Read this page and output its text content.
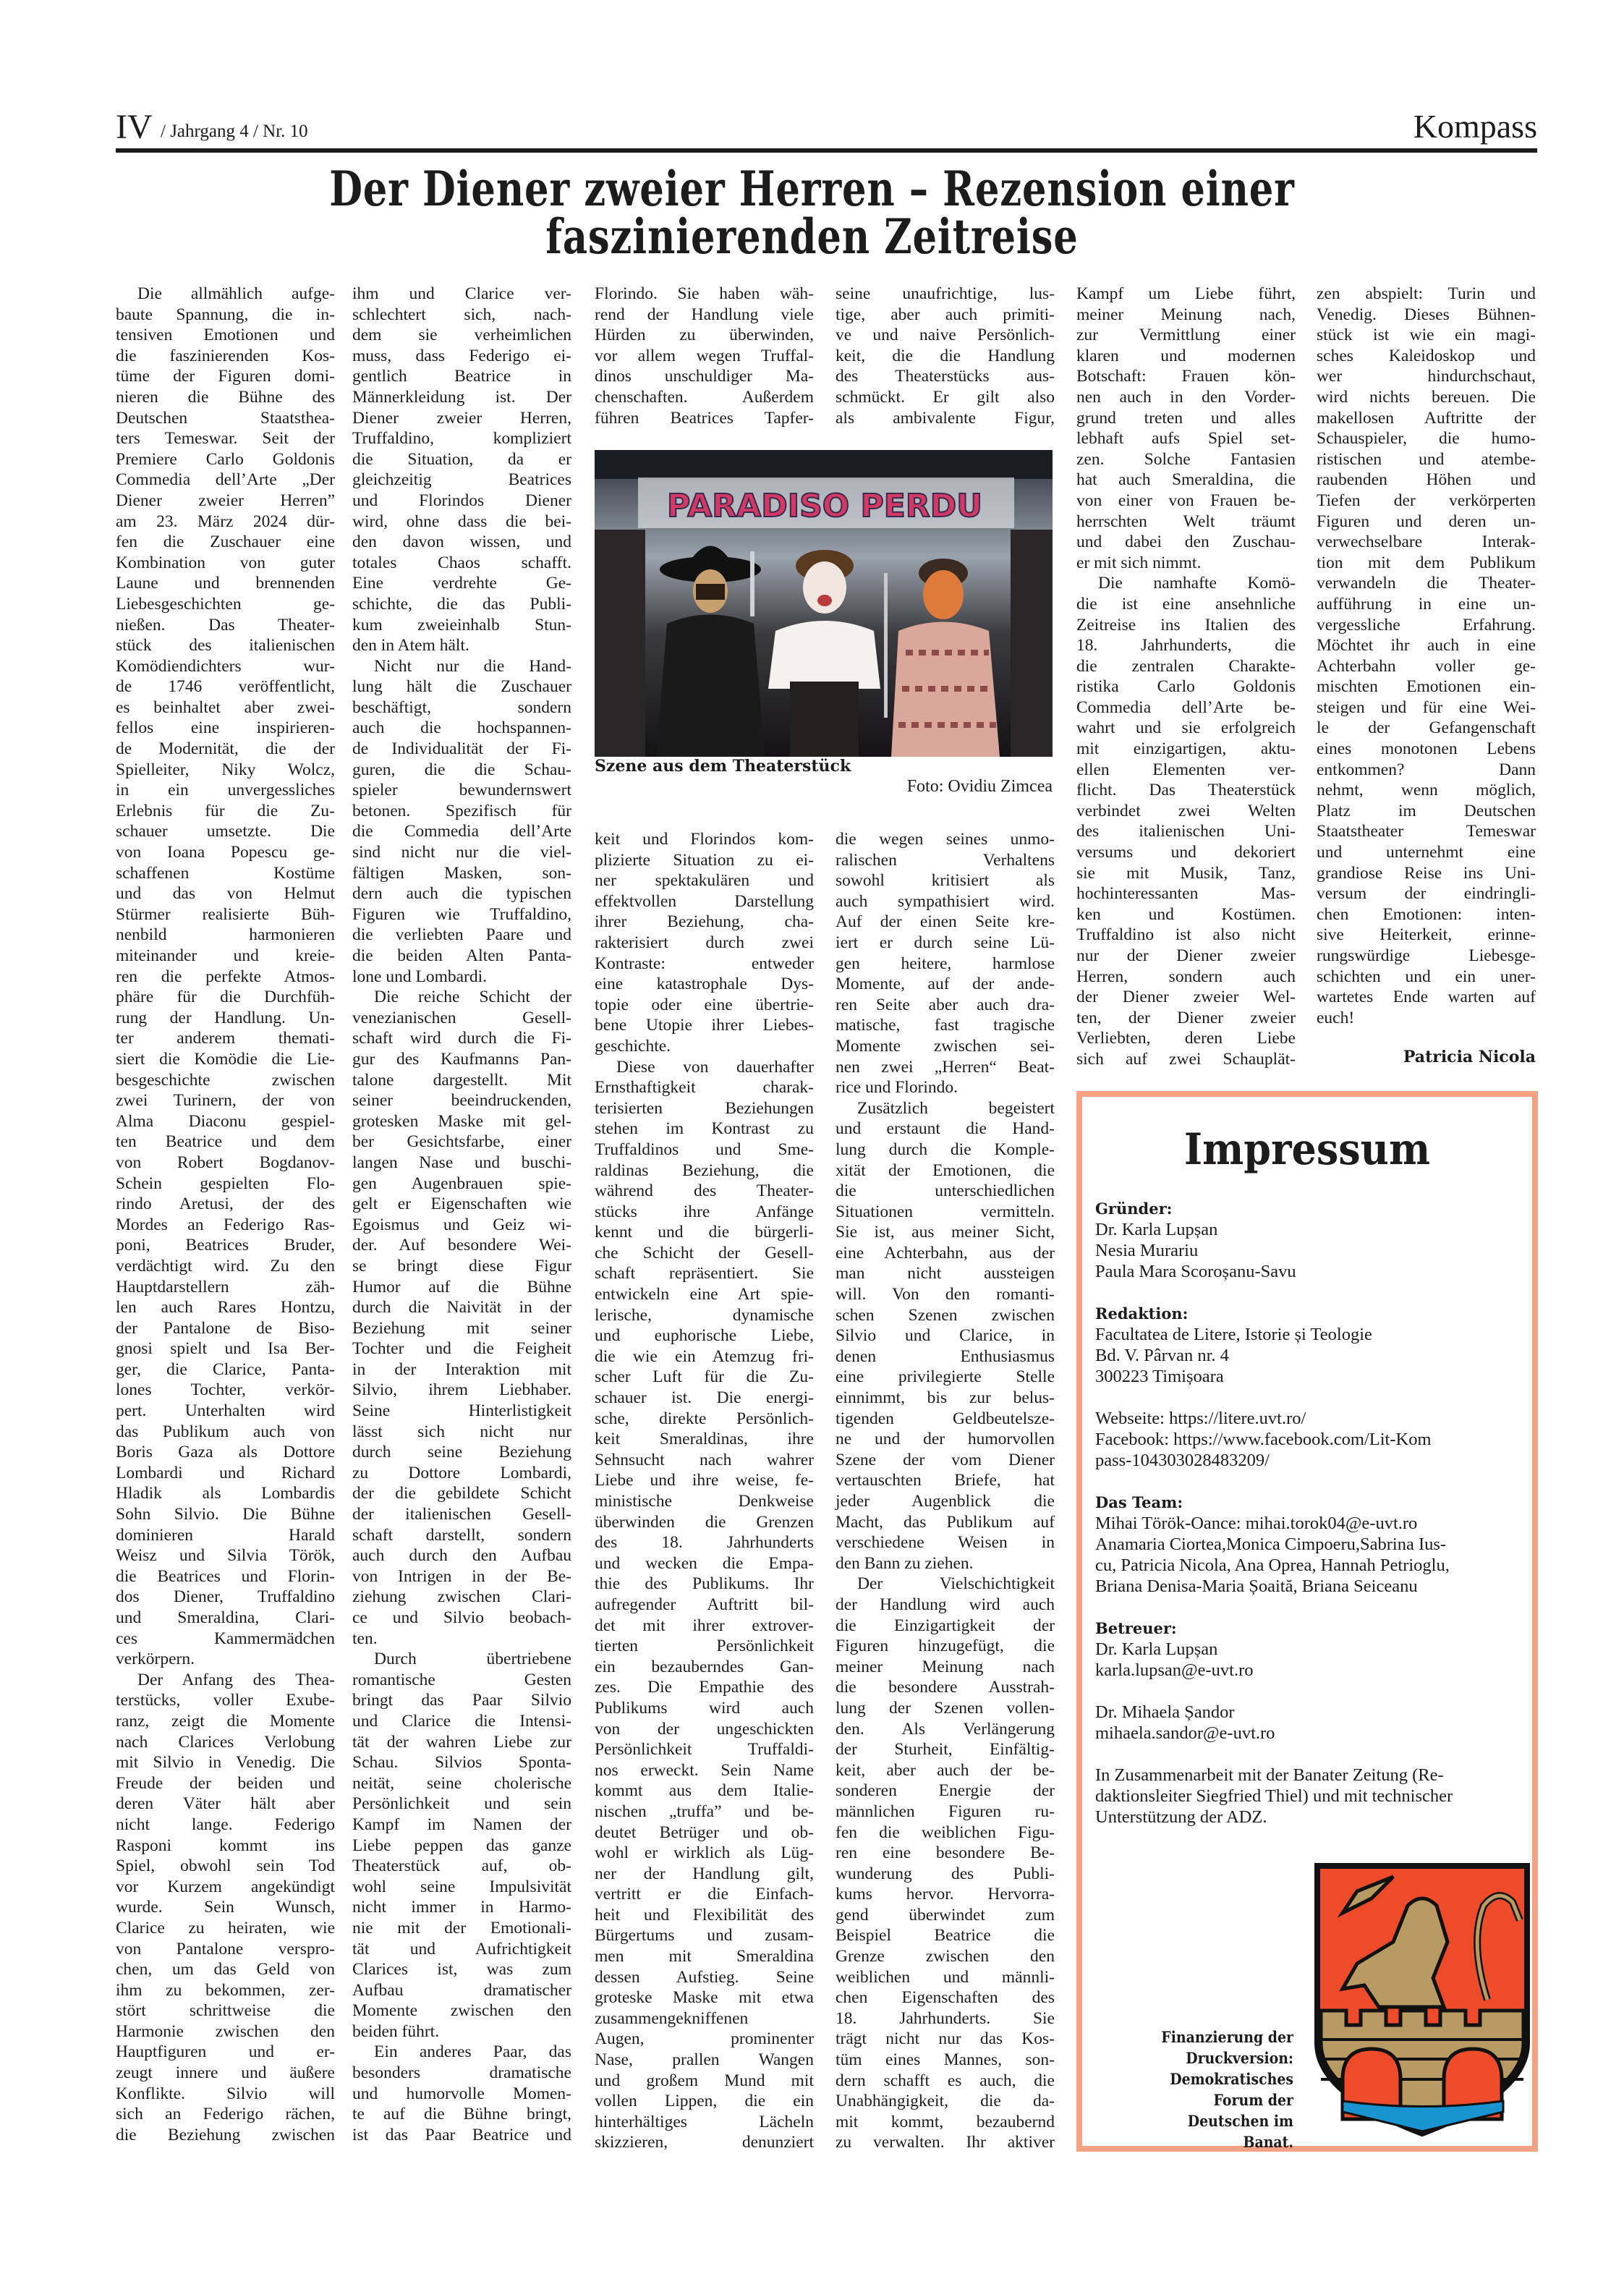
IV / Jahrgang 4 / Nr. 10	Kompass
Der Diener zweier Herren – Rezension einer
faszinierenden Zeitreise
Die allmählich aufge-
baute Spannung, die in-
tensiven Emotionen und
die faszinierenden Kos-
tüme der Figuren domi-
nieren die Bühne des
Deutschen Staatsthea-
ters Temeswar. Seit der
Premiere Carlo Goldonis
Commedia dell’Arte „Der
Diener zweier Herren”
am 23. März 2024 dür-
fen die Zuschauer eine
Kombination von guter
Laune und brennenden
Liebesgeschichten ge-
nießen. Das Theater-
stück des italienischen
Komödiendichters wur-
de 1746 veröffentlicht,
es beinhaltet aber zwei-
fellos eine inspirieren-
de Modernität, die der
Spielleiter, Niky Wolcz,
in ein unvergessliches
Erlebnis für die Zu-
schauer umsetzte. Die
von Ioana Popescu ge-
schaffenen Kostüme
und das von Helmut
Stürmer realisierte Büh-
nenbild harmonieren
miteinander und kreie-
ren die perfekte Atmos-
phäre für die Durchfüh-
rung der Handlung. Un-
ter anderem themati-
siert die Komödie die Lie-
besgeschichte zwischen
zwei Turinern, der von
Alma Diaconu gespiel-
ten Beatrice und dem
von Robert Bogdanov-
Schein gespielten Flo-
rindo Aretusi, der des
Mordes an Federigo Ras-
poni, Beatrices Bruder,
verdächtigt wird. Zu den
Hauptdarstellern zäh-
len auch Rares Hontzu,
der Pantalone de Biso-
gnosi spielt und Isa Ber-
ger, die Clarice, Panta-
lones Tochter, verkör-
pert. Unterhalten wird
das Publikum auch von
Boris Gaza als Dottore
Lombardi und Richard
Hladik als Lombardis
Sohn Silvio. Die Bühne
dominieren Harald
Weisz und Silvia Török,
die Beatrices und Florin-
dos Diener, Truffaldino
und Smeraldina, Clari-
ces Kammermädchen
verkörpern.
Der Anfang des Thea-
terstücks, voller Exube-
ranz, zeigt die Momente
nach Clarices Verlobung
mit Silvio in Venedig. Die
Freude der beiden und
deren Väter hält aber
nicht lange. Federigo
Rasponi kommt ins
Spiel, obwohl sein Tod
vor Kurzem angekündigt
wurde. Sein Wunsch,
Clarice zu heiraten, wie
von Pantalone verspro-
chen, um das Geld von
ihm zu bekommen, zer-
stört schrittweise die
Harmonie zwischen den
Hauptfiguren und er-
zeugt innere und äußere
Konflikte. Silvio will
sich an Federigo rächen,
die Beziehung zwischen
ihm und Clarice ver-
schlechtert sich, nach-
dem sie verheimlichen
muss, dass Federigo ei-
gentlich Beatrice in
Männerkleidung ist. Der
Diener zweier Herren,
Truffaldino, kompliziert
die Situation, da er
gleichzeitig Beatrices
und Florindos Diener
wird, ohne dass die bei-
den davon wissen, und
totales Chaos schafft.
Eine verdrehte Ge-
schichte, die das Publi-
kum zweieinhalb Stun-
den in Atem hält.
Nicht nur die Hand-
lung hält die Zuschauer
beschäftigt, sondern
auch die hochspannen-
de Individualität der Fi-
guren, die die Schau-
spieler bewundernswert
betonen. Spezifisch für
die Commedia dell’Arte
sind nicht nur die viel-
fältigen Masken, son-
dern auch die typischen
Figuren wie Truffaldino,
die verliebten Paare und
die beiden Alten Panta-
lone und Lombardi.
Die reiche Schicht der
venezianischen Gesell-
schaft wird durch die Fi-
gur des Kaufmanns Pan-
talone dargestellt. Mit
seiner beeindruckenden,
grotesken Maske mit gel-
ber Gesichtsfarbe, einer
langen Nase und buschi-
gen Augenbrauen spie-
gelt er Eigenschaften wie
Egoismus und Geiz wi-
der. Auf besondere Wei-
se bringt diese Figur
Humor auf die Bühne
durch die Naivität in der
Beziehung mit seiner
Tochter und die Feigheit
in der Interaktion mit
Silvio, ihrem Liebhaber.
Seine Hinterlistigkeit
lässt sich nicht nur
durch seine Beziehung
zu Dottore Lombardi,
der die gebildete Schicht
der italienischen Gesell-
schaft darstellt, sondern
auch durch den Aufbau
von Intrigen in der Be-
ziehung zwischen Clari-
ce und Silvio beobach-
ten.
Durch übertriebene
romantische Gesten
bringt das Paar Silvio
und Clarice die Intensi-
tät der wahren Liebe zur
Schau. Silvios Sponta-
neität, seine cholerische
Persönlichkeit und sein
Kampf im Namen der
Liebe peppen das ganze
Theaterstück auf, ob-
wohl seine Impulsivität
nicht immer in Harmo-
nie mit der Emotionali-
tät und Aufrichtigkeit
Clarices ist, was zum
Aufbau dramatischer
Momente zwischen den
beiden führt.
Ein anderes Paar, das
besonders dramatische
und humorvolle Momen-
te auf die Bühne bringt,
ist das Paar Beatrice und
Florindo. Sie haben wäh-
rend der Handlung viele
Hürden zu überwinden,
vor allem wegen Truffal-
dinos unschuldiger Ma-
chenschaften. Außerdem
führen Beatrices Tapfer-
seine unaufrichtige, lus-
tige, aber auch primiti-
ve und naive Persönlich-
keit, die die Handlung
des Theaterstücks aus-
schmückt. Er gilt also
als ambivalente Figur,
keit und Florindos kom-
plizierte Situation zu ei-
ner spektakulären und
effektvollen Darstellung
ihrer Beziehung, cha-
rakterisiert durch zwei
Kontraste: entweder
eine katastrophale Dys-
topie oder eine übertrie-
bene Utopie ihrer Liebes-
geschichte.
Diese von dauerhafter
Ernsthaftigkeit charak-
terisierten Beziehungen
stehen im Kontrast zu
Truffaldinos und Sme-
raldinas Beziehung, die
während des Theater-
stücks ihre Anfänge
kennt und die bürgerli-
che Schicht der Gesell-
schaft repräsentiert. Sie
entwickeln eine Art spie-
lerische, dynamische
und euphorische Liebe,
die wie ein Atemzug fri-
scher Luft für die Zu-
schauer ist. Die energi-
sche, direkte Persönlich-
keit Smeraldinas, ihre
Sehnsucht nach wahrer
Liebe und ihre weise, fe-
ministische Denkweise
überwinden die Grenzen
des 18. Jahrhunderts
und wecken die Empa-
thie des Publikums. Ihr
aufregender Auftritt bil-
det mit ihrer extrover-
tierten Persönlichkeit
ein bezauberndes Gan-
zes. Die Empathie des
Publikums wird auch
von der ungeschickten
Persönlichkeit Truffaldi-
nos erweckt. Sein Name
kommt aus dem Italie-
nischen „truffa” und be-
deutet Betrüger und ob-
wohl er wirklich als Lüg-
ner der Handlung gilt,
vertritt er die Einfach-
heit und Flexibilität des
Bürgertums und zusam-
men mit Smeraldina
dessen Aufstieg. Seine
groteske Maske mit etwa
zusammengekniffenen
Augen, prominenter
Nase, prallen Wangen
und großem Mund mit
vollen Lippen, die ein
hinterhältiges Lächeln
skizzieren, denunziert
die wegen seines unmo-
ralischen Verhaltens
sowohl kritisiert als
auch sympathisiert wird.
Auf der einen Seite kre-
iert er durch seine Lü-
gen heitere, harmlose
Momente, auf der ande-
ren Seite aber auch dra-
matische, fast tragische
Momente zwischen sei-
nen zwei „Herren“ Beat-
rice und Florindo.
Zusätzlich begeistert
und erstaunt die Hand-
lung durch die Komple-
xität der Emotionen, die
die unterschiedlichen
Situationen vermitteln.
Sie ist, aus meiner Sicht,
eine Achterbahn, aus der
man nicht aussteigen
will. Von den romanti-
schen Szenen zwischen
Silvio und Clarice, in
denen Enthusiasmus
eine privilegierte Stelle
einnimmt, bis zur belus-
tigenden Geldbeutelsze-
ne und der humorvollen
Szene der vom Diener
vertauschten Briefe, hat
jeder Augenblick die
Macht, das Publikum auf
verschiedene Weisen in
den Bann zu ziehen.
Der Vielschichtigkeit
der Handlung wird auch
die Einzigartigkeit der
Figuren hinzugefügt, die
meiner Meinung nach
die besondere Ausstrah-
lung der Szenen vollen-
den. Als Verlängerung
der Sturheit, Einfältig-
keit, aber auch der be-
sonderen Energie der
männlichen Figuren ru-
fen die weiblichen Figu-
ren eine besondere Be-
wunderung des Publi-
kums hervor. Hervorra-
gend überwindet zum
Beispiel Beatrice die
Grenze zwischen den
weiblichen und männli-
chen Eigenschaften des
18. Jahrhunderts. Sie
trägt nicht nur das Kos-
tüm eines Mannes, son-
dern schafft es auch, die
Unabhängigkeit, die da-
mit kommt, bezaubernd
zu verwalten. Ihr aktiver
Kampf um Liebe führt,
meiner Meinung nach,
zur Vermittlung einer
klaren und modernen
Botschaft: Frauen kön-
nen auch in den Vorder-
grund treten und alles
lebhaft aufs Spiel set-
zen. Solche Fantasien
hat auch Smeraldina, die
von einer von Frauen be-
herrschten Welt träumt
und dabei den Zuschau-
er mit sich nimmt.
Die namhafte Komö-
die ist eine ansehnliche
Zeitreise ins Italien des
18. Jahrhunderts, die
die zentralen Charakte-
ristika Carlo Goldonis
Commedia dell’Arte be-
wahrt und sie erfolgreich
mit einzigartigen, aktu-
ellen Elementen ver-
flicht. Das Theaterstück
verbindet zwei Welten
des italienischen Uni-
versums und dekoriert
sie mit Musik, Tanz,
hochinteressanten Mas-
ken und Kostümen.
Truffaldino ist also nicht
nur der Diener zweier
Herren, sondern auch
der Diener zweier Wel-
ten, der Diener zweier
Verliebten, deren Liebe
sich auf zwei Schauplät-
zen abspielt: Turin und
Venedig. Dieses Bühnen-
stück ist wie ein magi-
sches Kaleidoskop und
wer hindurchschaut,
wird nichts bereuen. Die
makellosen Auftritte der
Schauspieler, die humo-
ristischen und atembe-
raubenden Höhen und
Tiefen der verkörperten
Figuren und deren un-
verwechselbare Interak-
tion mit dem Publikum
verwandeln die Theater-
aufführung in eine un-
vergessliche Erfahrung.
Möchtet ihr auch in eine
Achterbahn voller ge-
mischten Emotionen ein-
steigen und für eine Wei-
le der Gefangenschaft
eines monotonen Lebens
entkommen? Dann
nehmt, wenn möglich,
Platz im Deutschen
Staatstheater Temeswar
und unternehmt eine
grandiose Reise ins Uni-
versum der eindringli-
chen Emotionen: inten-
sive Heiterkeit, erinne-
rungswürdige Liebesge-
schichten und ein uner-
wartetes Ende warten auf
euch!
PARADISO PERDU
Szene aus dem Theaterstück
Foto: Ovidiu Zimcea
Patricia Nicola
Impressum
Gründer:
Dr. Karla Lupșan
Nesia Murariu
Paula Mara Scoroșanu-Savu
Redaktion:
Facultatea de Litere, Istorie și Teologie
Bd. V. Pârvan nr. 4
300223 Timișoara
Webseite: https://litere.uvt.ro/
Facebook: https://www.facebook.com/Lit-Kom
pass-104303028483209/
Das Team:
Mihai Török-Oance: mihai.torok04@e-uvt.ro
Anamaria Ciortea,Monica Cimpoeru,Sabrina Ius-
cu, Patricia Nicola, Ana Oprea, Hannah Petrioglu,
Briana Denisa-Maria Șoaită, Briana Seiceanu
Betreuer:
Dr. Karla Lupșan
karla.lupsan@e-uvt.ro
Dr. Mihaela Șandor
mihaela.sandor@e-uvt.ro
In Zusammenarbeit mit der Banater Zeitung (Re-
daktionsleiter Siegfried Thiel) und mit technischer
Unterstützung der ADZ.
Finanzierung der
Druckversion:
Demokratisches
Forum der
Deutschen im
Banat.
